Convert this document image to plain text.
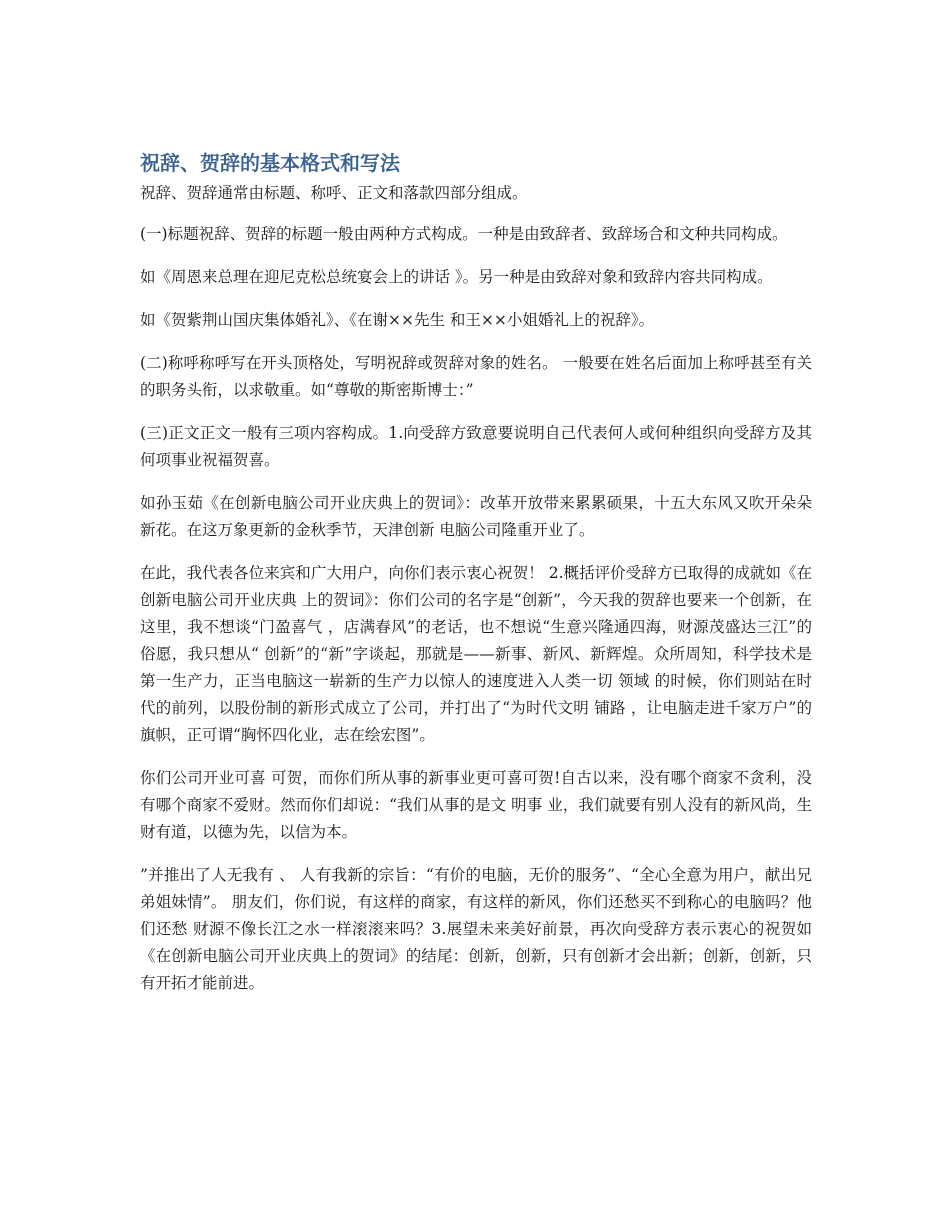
祝辞、贺辞的基本格式和写法

祝辞、贺辞通常由标题、称呼、正文和落款四部分组成。

(一)标题祝辞、贺辞的标题一般由两种方式构成。一种是由致辞者、致辞场合和文种共同构成。

如《周恩来总理在迎尼克松总统宴会上的讲话 》。另一种是由致辞对象和致辞内容共同构成。

如《贺紫荆山国庆集体婚礼》、《在谢××先生 和王××小姐婚礼上的祝辞》。

(二)称呼称呼写在开头顶格处，写明祝辞或贺辞对象的姓名。 一般要在姓名后面加上称呼甚至有关的职务头衔，以求敬重。如“尊敬的斯密斯博士：”

(三)正文正文一般有三项内容构成。1.向受辞方致意要说明自己代表何人或何种组织向受辞方及其 何项事业祝福贺喜。

如孙玉茹《在创新电脑公司开业庆典上的贺词》：改革开放带来累累硕果，十五大东风又吹开朵朵新花。在这万象更新的金秋季节，天津创新 电脑公司隆重开业了。

在此，我代表各位来宾和广大用户，向你们表示衷心祝贺！ 2.概括评价受辞方已取得的成就如《在创新电脑公司开业庆典 上的贺词》：你们公司的名字是“创新”，今天我的贺辞也要来一个创新，在这里，我不想谈“门盈喜气 ，店满春风”的老话，也不想说“生意兴隆通四海，财源茂盛达三江”的俗愿，我只想从“ 创新”的“新”字谈起，那就是——新事、新风、新辉煌。众所周知，科学技术是第一生产力，正当电脑这一崭新的生产力以惊人的速度进入人类一切 领域 的时候，你们则站在时代的前列，以股份制的新形式成立了公司，并打出了“为时代文明 铺路 ，让电脑走进千家万户”的旗帜，正可谓“胸怀四化业，志在绘宏图”。

你们公司开业可喜 可贺，而你们所从事的新事业更可喜可贺!自古以来，没有哪个商家不贪利，没有哪个商家不爱财。然而你们却说：“我们从事的是文 明事 业，我们就要有别人没有的新风尚，生财有道，以德为先，以信为本。

”并推出了人无我有 、 人有我新的宗旨：“有价的电脑，无价的服务”、“全心全意为用户，献出兄弟姐妹情”。 朋友们，你们说，有这样的商家，有这样的新风，你们还愁买不到称心的电脑吗？他们还愁 财源不像长江之水一样滚滚来吗？3.展望未来美好前景，再次向受辞方表示衷心的祝贺如《在创新电脑公司开业庆典上的贺词》的结尾：创新，创新，只有创新才会出新；创新，创新，只有开拓才能前进。
